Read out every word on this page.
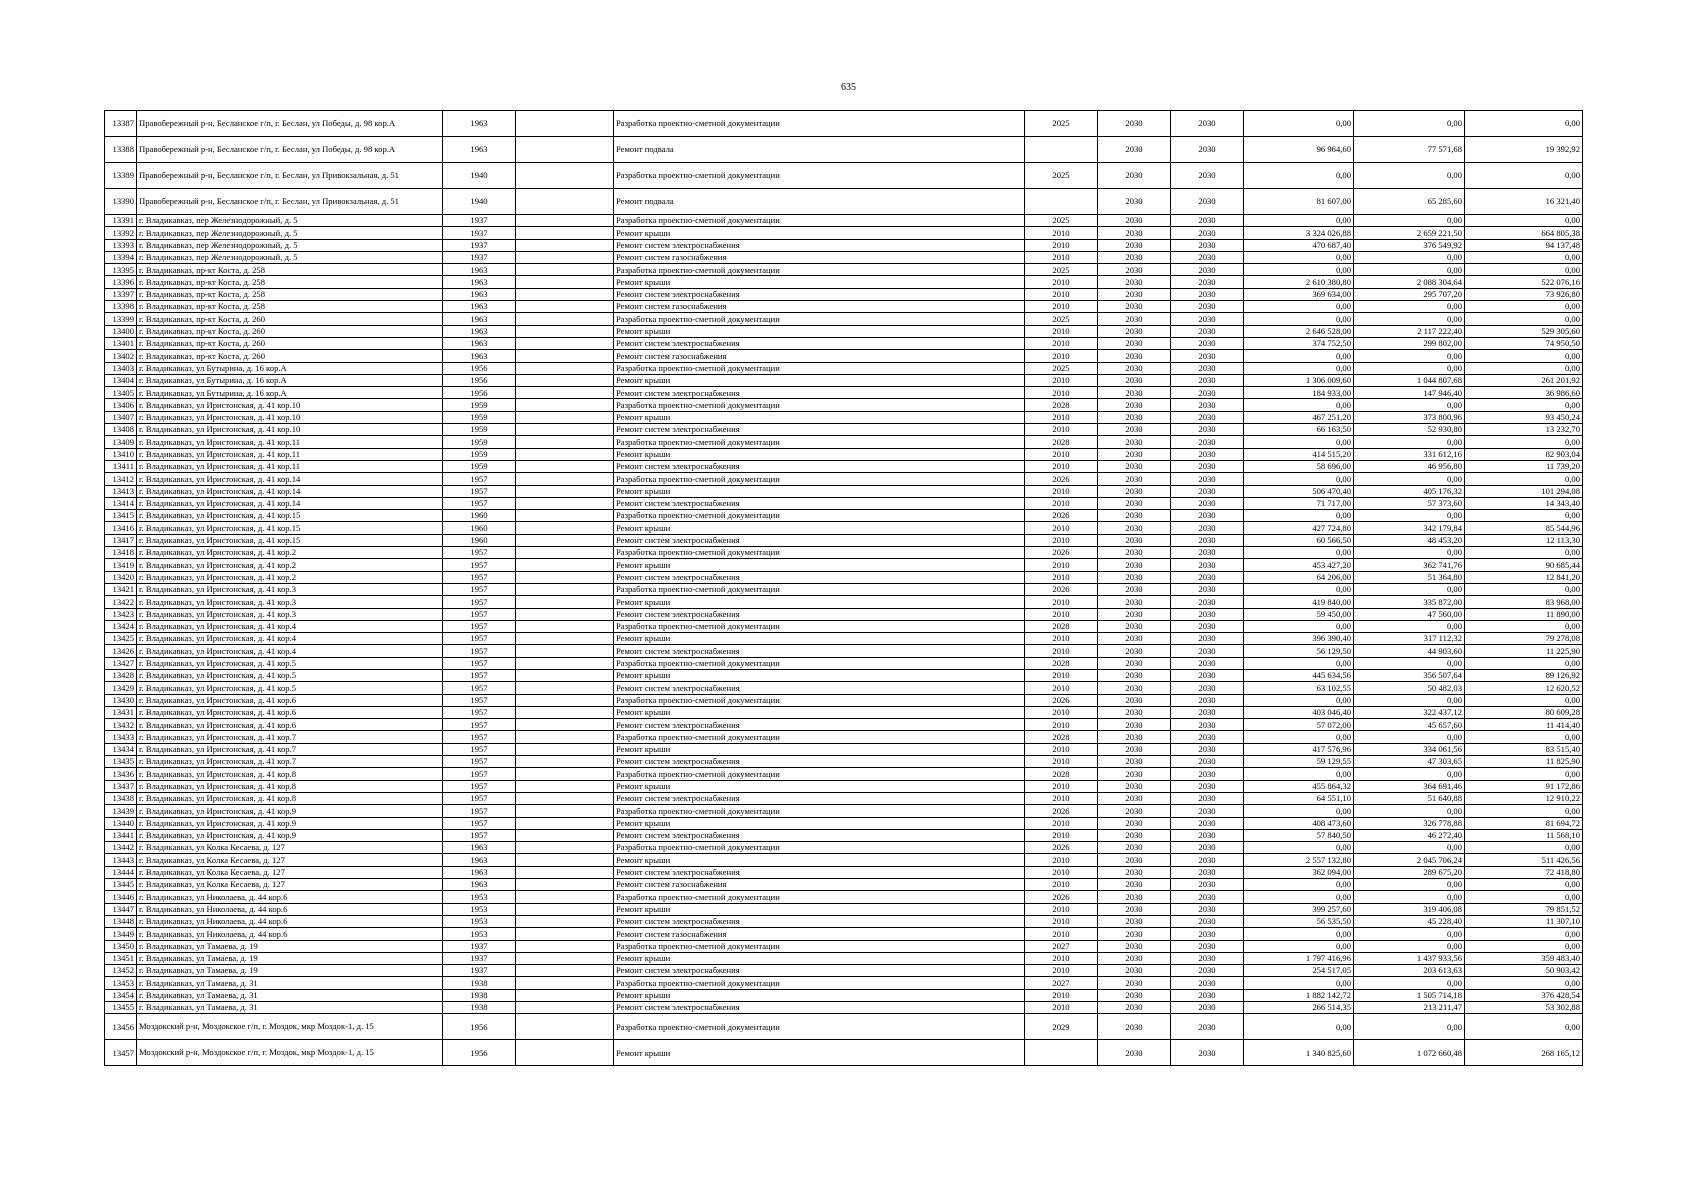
635
13387	Правобережный р-н, Бесланское г/п, г. Беслан, ул Победы, д. 98 кор.А	1963		Разработка проектно-сметной документации	2025	2030	2030	0,00	0,00	0,00
13388	Правобережный р-н, Бесланское г/п, г. Беслан, ул Победы, д. 98 кор.А	1963		Ремонт подвала		2030	2030	96 964,60	77 571,68	19 392,92
13389	Правобережный р-н, Бесланское г/п, г. Беслан, ул Привокзальная, д. 51	1940		Разработка проектно-сметной документации	2025	2030	2030	0,00	0,00	0,00
13390	Правобережный р-н, Бесланское г/п, г. Беслан, ул Привокзальная, д. 51	1940		Ремонт подвала		2030	2030	81 607,00	65 285,60	16 321,40
13391	г. Владикавказ, пер Железнодорожный, д. 5	1937		Разработка проектно-сметной документации	2025	2030	2030	0,00	0,00	0,00
13392	г. Владикавказ, пер Железнодорожный, д. 5	1937		Ремонт крыши	2010	2030	2030	3 324 026,88	2 659 221,50	664 805,38
13393	г. Владикавказ, пер Железнодорожный, д. 5	1937		Ремонт систем электроснабжения	2010	2030	2030	470 687,40	376 549,92	94 137,48
13394	г. Владикавказ, пер Железнодорожный, д. 5	1937		Ремонт систем газоснабжения	2010	2030	2030	0,00	0,00	0,00
13395	г. Владикавказ, пр-кт Коста, д. 258	1963		Разработка проектно-сметной документации	2025	2030	2030	0,00	0,00	0,00
13396	г. Владикавказ, пр-кт Коста, д. 258	1963		Ремонт крыши	2010	2030	2030	2 610 380,80	2 088 304,64	522 076,16
13397	г. Владикавказ, пр-кт Коста, д. 258	1963		Ремонт систем электроснабжения	2010	2030	2030	369 634,00	295 707,20	73 926,80
13398	г. Владикавказ, пр-кт Коста, д. 258	1963		Ремонт систем газоснабжения	2010	2030	2030	0,00	0,00	0,00
13399	г. Владикавказ, пр-кт Коста, д. 260	1963		Разработка проектно-сметной документации	2025	2030	2030	0,00	0,00	0,00
13400	г. Владикавказ, пр-кт Коста, д. 260	1963		Ремонт крыши	2010	2030	2030	2 646 528,00	2 117 222,40	529 305,60
13401	г. Владикавказ, пр-кт Коста, д. 260	1963		Ремонт систем электроснабжения	2010	2030	2030	374 752,50	299 802,00	74 950,50
13402	г. Владикавказ, пр-кт Коста, д. 260	1963		Ремонт систем газоснабжения	2010	2030	2030	0,00	0,00	0,00
13403	г. Владикавказ, ул Бутырина, д. 16 кор.А	1956		Разработка проектно-сметной документации	2025	2030	2030	0,00	0,00	0,00
13404	г. Владикавказ, ул Бутырина, д. 16 кор.А	1956		Ремонт крыши	2010	2030	2030	1 306 009,60	1 044 807,68	261 201,92
13405	г. Владикавказ, ул Бутырина, д. 16 кор.А	1956		Ремонт систем электроснабжения	2010	2030	2030	184 933,00	147 946,40	36 986,60
13406	г. Владикавказ, ул Иристонская, д. 41 кор.10	1959		Разработка проектно-сметной документации	2028	2030	2030	0,00	0,00	0,00
13407	г. Владикавказ, ул Иристонская, д. 41 кор.10	1959		Ремонт крыши	2010	2030	2030	467 251,20	373 800,96	93 450,24
13408	г. Владикавказ, ул Иристонская, д. 41 кор.10	1959		Ремонт систем электроснабжения	2010	2030	2030	66 163,50	52 930,80	13 232,70
13409	г. Владикавказ, ул Иристонская, д. 41 кор.11	1959		Разработка проектно-сметной документации	2028	2030	2030	0,00	0,00	0,00
13410	г. Владикавказ, ул Иристонская, д. 41 кор.11	1959		Ремонт крыши	2010	2030	2030	414 515,20	331 612,16	82 903,04
13411	г. Владикавказ, ул Иристонская, д. 41 кор.11	1959		Ремонт систем электроснабжения	2010	2030	2030	58 696,00	46 956,80	11 739,20
13412	г. Владикавказ, ул Иристонская, д. 41 кор.14	1957		Разработка проектно-сметной документации	2026	2030	2030	0,00	0,00	0,00
13413	г. Владикавказ, ул Иристонская, д. 41 кор.14	1957		Ремонт крыши	2010	2030	2030	506 470,40	405 176,32	101 294,08
13414	г. Владикавказ, ул Иристонская, д. 41 кор.14	1957		Ремонт систем электроснабжения	2010	2030	2030	71 717,00	57 373,60	14 343,40
13415	г. Владикавказ, ул Иристонская, д. 41 кор.15	1960		Разработка проектно-сметной документации	2026	2030	2030	0,00	0,00	0,00
13416	г. Владикавказ, ул Иристонская, д. 41 кор.15	1960		Ремонт крыши	2010	2030	2030	427 724,80	342 179,84	85 544,96
13417	г. Владикавказ, ул Иристонская, д. 41 кор.15	1960		Ремонт систем электроснабжения	2010	2030	2030	60 566,50	48 453,20	12 113,30
13418	г. Владикавказ, ул Иристонская, д. 41 кор.2	1957		Разработка проектно-сметной документации	2026	2030	2030	0,00	0,00	0,00
13419	г. Владикавказ, ул Иристонская, д. 41 кор.2	1957		Ремонт крыши	2010	2030	2030	453 427,20	362 741,76	90 685,44
13420	г. Владикавказ, ул Иристонская, д. 41 кор.2	1957		Ремонт систем электроснабжения	2010	2030	2030	64 206,00	51 364,80	12 841,20
13421	г. Владикавказ, ул Иристонская, д. 41 кор.3	1957		Разработка проектно-сметной документации	2026	2030	2030	0,00	0,00	0,00
13422	г. Владикавказ, ул Иристонская, д. 41 кор.3	1957		Ремонт крыши	2010	2030	2030	419 840,00	335 872,00	83 968,00
13423	г. Владикавказ, ул Иристонская, д. 41 кор.3	1957		Ремонт систем электроснабжения	2010	2030	2030	59 450,00	47 560,00	11 890,00
13424	г. Владикавказ, ул Иристонская, д. 41 кор.4	1957		Разработка проектно-сметной документации	2028	2030	2030	0,00	0,00	0,00
13425	г. Владикавказ, ул Иристонская, д. 41 кор.4	1957		Ремонт крыши	2010	2030	2030	396 390,40	317 112,32	79 278,08
13426	г. Владикавказ, ул Иристонская, д. 41 кор.4	1957		Ремонт систем электроснабжения	2010	2030	2030	56 129,50	44 903,60	11 225,90
13427	г. Владикавказ, ул Иристонская, д. 41 кор.5	1957		Разработка проектно-сметной документации	2028	2030	2030	0,00	0,00	0,00
13428	г. Владикавказ, ул Иристонская, д. 41 кор.5	1957		Ремонт крыши	2010	2030	2030	445 634,56	356 507,64	89 126,92
13429	г. Владикавказ, ул Иристонская, д. 41 кор.5	1957		Ремонт систем электроснабжения	2010	2030	2030	63 102,55	50 482,03	12 620,52
13430	г. Владикавказ, ул Иристонская, д. 41 кор.6	1957		Разработка проектно-сметной документации	2026	2030	2030	0,00	0,00	0,00
13431	г. Владикавказ, ул Иристонская, д. 41 кор.6	1957		Ремонт крыши	2010	2030	2030	403 046,40	322 437,12	80 609,28
13432	г. Владикавказ, ул Иристонская, д. 41 кор.6	1957		Ремонт систем электроснабжения	2010	2030	2030	57 072,00	45 657,60	11 414,40
13433	г. Владикавказ, ул Иристонская, д. 41 кор.7	1957		Разработка проектно-сметной документации	2028	2030	2030	0,00	0,00	0,00
13434	г. Владикавказ, ул Иристонская, д. 41 кор.7	1957		Ремонт крыши	2010	2030	2030	417 576,96	334 061,56	83 515,40
13435	г. Владикавказ, ул Иристонская, д. 41 кор.7	1957		Ремонт систем электроснабжения	2010	2030	2030	59 129,55	47 303,65	11 825,90
13436	г. Владикавказ, ул Иристонская, д. 41 кор.8	1957		Разработка проектно-сметной документации	2028	2030	2030	0,00	0,00	0,00
13437	г. Владикавказ, ул Иристонская, д. 41 кор.8	1957		Ремонт крыши	2010	2030	2030	455 864,32	364 691,46	91 172,86
13438	г. Владикавказ, ул Иристонская, д. 41 кор.8	1957		Ремонт систем электроснабжения	2010	2030	2030	64 551,10	51 640,88	12 910,22
13439	г. Владикавказ, ул Иристонская, д. 41 кор.9	1957		Разработка проектно-сметной документации	2026	2030	2030	0,00	0,00	0,00
13440	г. Владикавказ, ул Иристонская, д. 41 кор.9	1957		Ремонт крыши	2010	2030	2030	408 473,60	326 778,88	81 694,72
13441	г. Владикавказ, ул Иристонская, д. 41 кор.9	1957		Ремонт систем электроснабжения	2010	2030	2030	57 840,50	46 272,40	11 568,10
13442	г. Владикавказ, ул Колка Кесаева, д. 127	1963		Разработка проектно-сметной документации	2026	2030	2030	0,00	0,00	0,00
13443	г. Владикавказ, ул Колка Кесаева, д. 127	1963		Ремонт крыши	2010	2030	2030	2 557 132,80	2 045 706,24	511 426,56
13444	г. Владикавказ, ул Колка Кесаева, д. 127	1963		Ремонт систем электроснабжения	2010	2030	2030	362 094,00	289 675,20	72 418,80
13445	г. Владикавказ, ул Колка Кесаева, д. 127	1963		Ремонт систем газоснабжения	2010	2030	2030	0,00	0,00	0,00
13446	г. Владикавказ, ул Николаева, д. 44 кор.6	1953		Разработка проектно-сметной документации	2026	2030	2030	0,00	0,00	0,00
13447	г. Владикавказ, ул Николаева, д. 44 кор.6	1953		Ремонт крыши	2010	2030	2030	399 257,60	319 406,08	79 851,52
13448	г. Владикавказ, ул Николаева, д. 44 кор.6	1953		Ремонт систем электроснабжения	2010	2030	2030	56 535,50	45 228,40	11 307,10
13449	г. Владикавказ, ул Николаева, д. 44 кор.6	1953		Ремонт систем газоснабжения	2010	2030	2030	0,00	0,00	0,00
13450	г. Владикавказ, ул Тамаева, д. 19	1937		Разработка проектно-сметной документации	2027	2030	2030	0,00	0,00	0,00
13451	г. Владикавказ, ул Тамаева, д. 19	1937		Ремонт крыши	2010	2030	2030	1 797 416,96	1 437 933,56	359 483,40
13452	г. Владикавказ, ул Тамаева, д. 19	1937		Ремонт систем электроснабжения	2010	2030	2030	254 517,05	203 613,63	50 903,42
13453	г. Владикавказ, ул Тамаева, д. 31	1938		Разработка проектно-сметной документации	2027	2030	2030	0,00	0,00	0,00
13454	г. Владикавказ, ул Тамаева, д. 31	1938		Ремонт крыши	2010	2030	2030	1 882 142,72	1 505 714,18	376 428,54
13455	г. Владикавказ, ул Тамаева, д. 31	1938		Ремонт систем электроснабжения	2010	2030	2030	266 514,35	213 211,47	53 302,88
13456	Моздокский р-н, Моздокское г/п, г. Моздок, мкр Моздок-1, д. 15	1956		Разработка проектно-сметной документации	2029	2030	2030	0,00	0,00	0,00
13457	Моздокский р-н, Моздокское г/п, г. Моздок, мкр Моздок-1, д. 15	1956		Ремонт крыши		2030	2030	1 340 825,60	1 072 660,48	268 165,12
